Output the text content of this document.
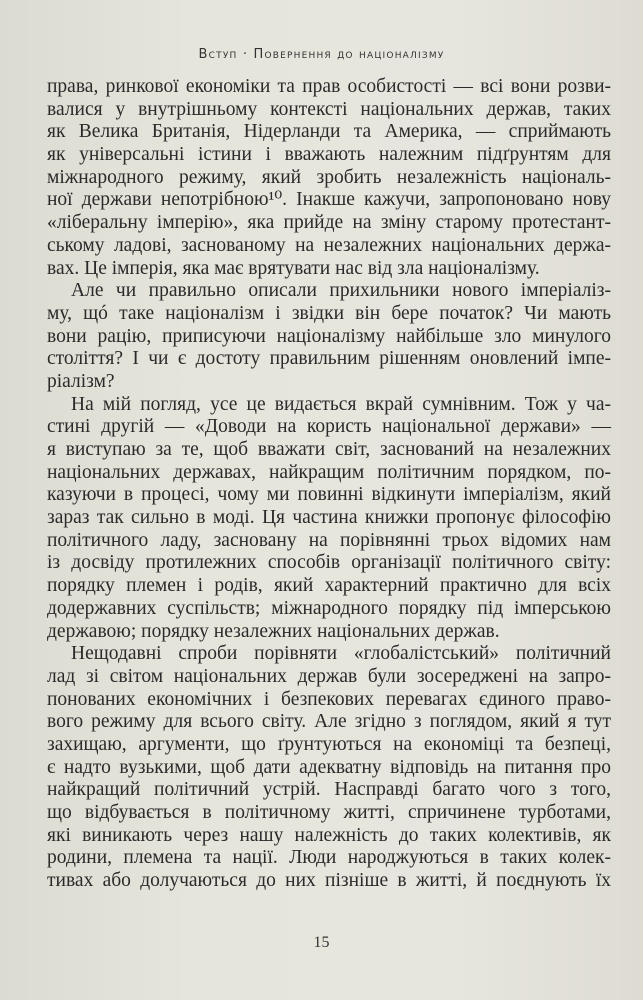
Вступ · Повернення до націоналізму
права, ринкової економіки та прав особистості — всі вони розви-
валися у внутрішньому контексті національних держав, таких
як Велика Британія, Нідерланди та Америка, — сприймають
як універсальні істини і вважають належним підґрунтям для
міжнародного режиму, який зробить незалежність національ-
ної держави непотрібною¹⁰. Інакше кажучи, запропоновано нову
«ліберальну імперію», яка прийде на зміну старому протестант-
ському ладові, заснованому на незалежних національних держа-
вах. Це імперія, яка має врятувати нас від зла націоналізму.
Але чи правильно описали прихильники нового імперіаліз-
му, щó таке націоналізм і звідки він бере початок? Чи мають
вони рацію, приписуючи націоналізму найбільше зло минулого
століття? І чи є достоту правильним рішенням оновлений імпе-
ріалізм?
На мій погляд, усе це видається вкрай сумнівним. Тож у ча-
стині другій — «Доводи на користь національної держави» —
я виступаю за те, щоб вважати світ, заснований на незалежних
національних державах, найкращим політичним порядком, по-
казуючи в процесі, чому ми повинні відкинути імперіалізм, який
зараз так сильно в моді. Ця частина книжки пропонує філософію
політичного ладу, засновану на порівнянні трьох відомих нам
із досвіду протилежних способів організації політичного світу:
порядку племен і родів, який характерний практично для всіх
додержавних суспільств; міжнародного порядку під імперською
державою; порядку незалежних національних держав.
Нещодавні спроби порівняти «глобалістський» політичний
лад зі світом національних держав були зосереджені на запро-
понованих економічних і безпекових перевагах єдиного право-
вого режиму для всього світу. Але згідно з поглядом, який я тут
захищаю, аргументи, що ґрунтуються на економіці та безпеці,
є надто вузькими, щоб дати адекватну відповідь на питання про
найкращий політичний устрій. Насправді багато чого з того,
що відбувається в політичному житті, спричинене турботами,
які виникають через нашу належність до таких колективів, як
родини, племена та нації. Люди народжуються в таких колек-
тивах або долучаються до них пізніше в житті, й поєднують їх
15
